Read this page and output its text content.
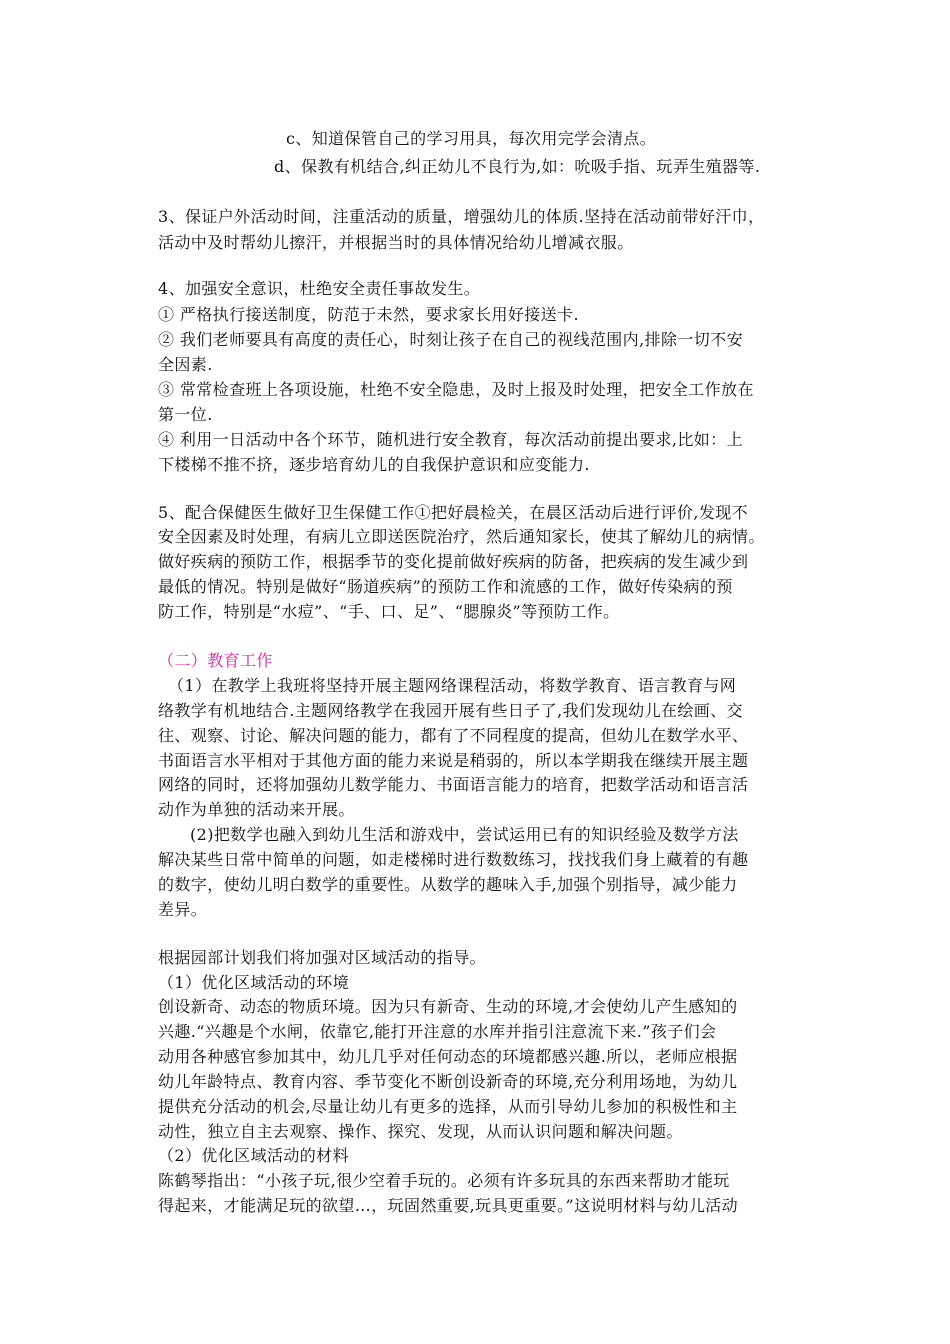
c、知道保管自己的学习用具，每次用完学会清点。
d、保教有机结合,纠正幼儿不良行为,如：吮吸手指、玩弄生殖器等.
3、保证户外活动时间，注重活动的质量，增强幼儿的体质.坚持在活动前带好汗巾，
活动中及时帮幼儿擦汗，并根据当时的具体情况给幼儿增减衣服。
4、加强安全意识，杜绝安全责任事故发生。
① 严格执行接送制度，防范于未然，要求家长用好接送卡.
② 我们老师要具有高度的责任心，时刻让孩子在自己的视线范围内,排除一切不安
全因素.
③ 常常检查班上各项设施，杜绝不安全隐患，及时上报及时处理，把安全工作放在
第一位.
④ 利用一日活动中各个环节，随机进行安全教育，每次活动前提出要求,比如：上
下楼梯不推不挤，逐步培育幼儿的自我保护意识和应变能力.
5、配合保健医生做好卫生保健工作①把好晨检关，在晨区活动后进行评价,发现不
安全因素及时处理，有病儿立即送医院治疗，然后通知家长，使其了解幼儿的病情。
做好疾病的预防工作，根据季节的变化提前做好疾病的防备，把疾病的发生减少到
最低的情况。特别是做好“肠道疾病”的预防工作和流感的工作，做好传染病的预
防工作，特别是“水痘”、“手、口、足”、“腮腺炎”等预防工作。
（二）教育工作
（1）在教学上我班将坚持开展主题网络课程活动，将数学教育、语言教育与网
络教学有机地结合.主题网络教学在我园开展有些日子了,我们发现幼儿在绘画、交
往、观察、讨论、解决问题的能力，都有了不同程度的提高，但幼儿在数学水平、
书面语言水平相对于其他方面的能力来说是稍弱的，所以本学期我在继续开展主题
网络的同时，还将加强幼儿数学能力、书面语言能力的培育，把数学活动和语言活
动作为单独的活动来开展。
(2)把数学也融入到幼儿生活和游戏中，尝试运用已有的知识经验及数学方法
解决某些日常中简单的问题，如走楼梯时进行数数练习，找找我们身上藏着的有趣
的数字，使幼儿明白数学的重要性。从数学的趣味入手,加强个别指导，减少能力
差异。
根据园部计划我们将加强对区域活动的指导。
（1）优化区域活动的环境
创设新奇、动态的物质环境。因为只有新奇、生动的环境,才会使幼儿产生感知的
兴趣.“兴趣是个水闸，依靠它,能打开注意的水库并指引注意流下来.”孩子们会
动用各种感官参加其中，幼儿几乎对任何动态的环境都感兴趣.所以，老师应根据
幼儿年龄特点、教育内容、季节变化不断创设新奇的环境,充分利用场地，为幼儿
提供充分活动的机会,尽量让幼儿有更多的选择，从而引导幼儿参加的积极性和主
动性，独立自主去观察、操作、探究、发现，从而认识问题和解决问题。
（2）优化区域活动的材料
陈鹤琴指出：“小孩子玩,很少空着手玩的。必须有许多玩具的东西来帮助才能玩
得起来，才能满足玩的欲望…，玩固然重要,玩具更重要。”这说明材料与幼儿活动
